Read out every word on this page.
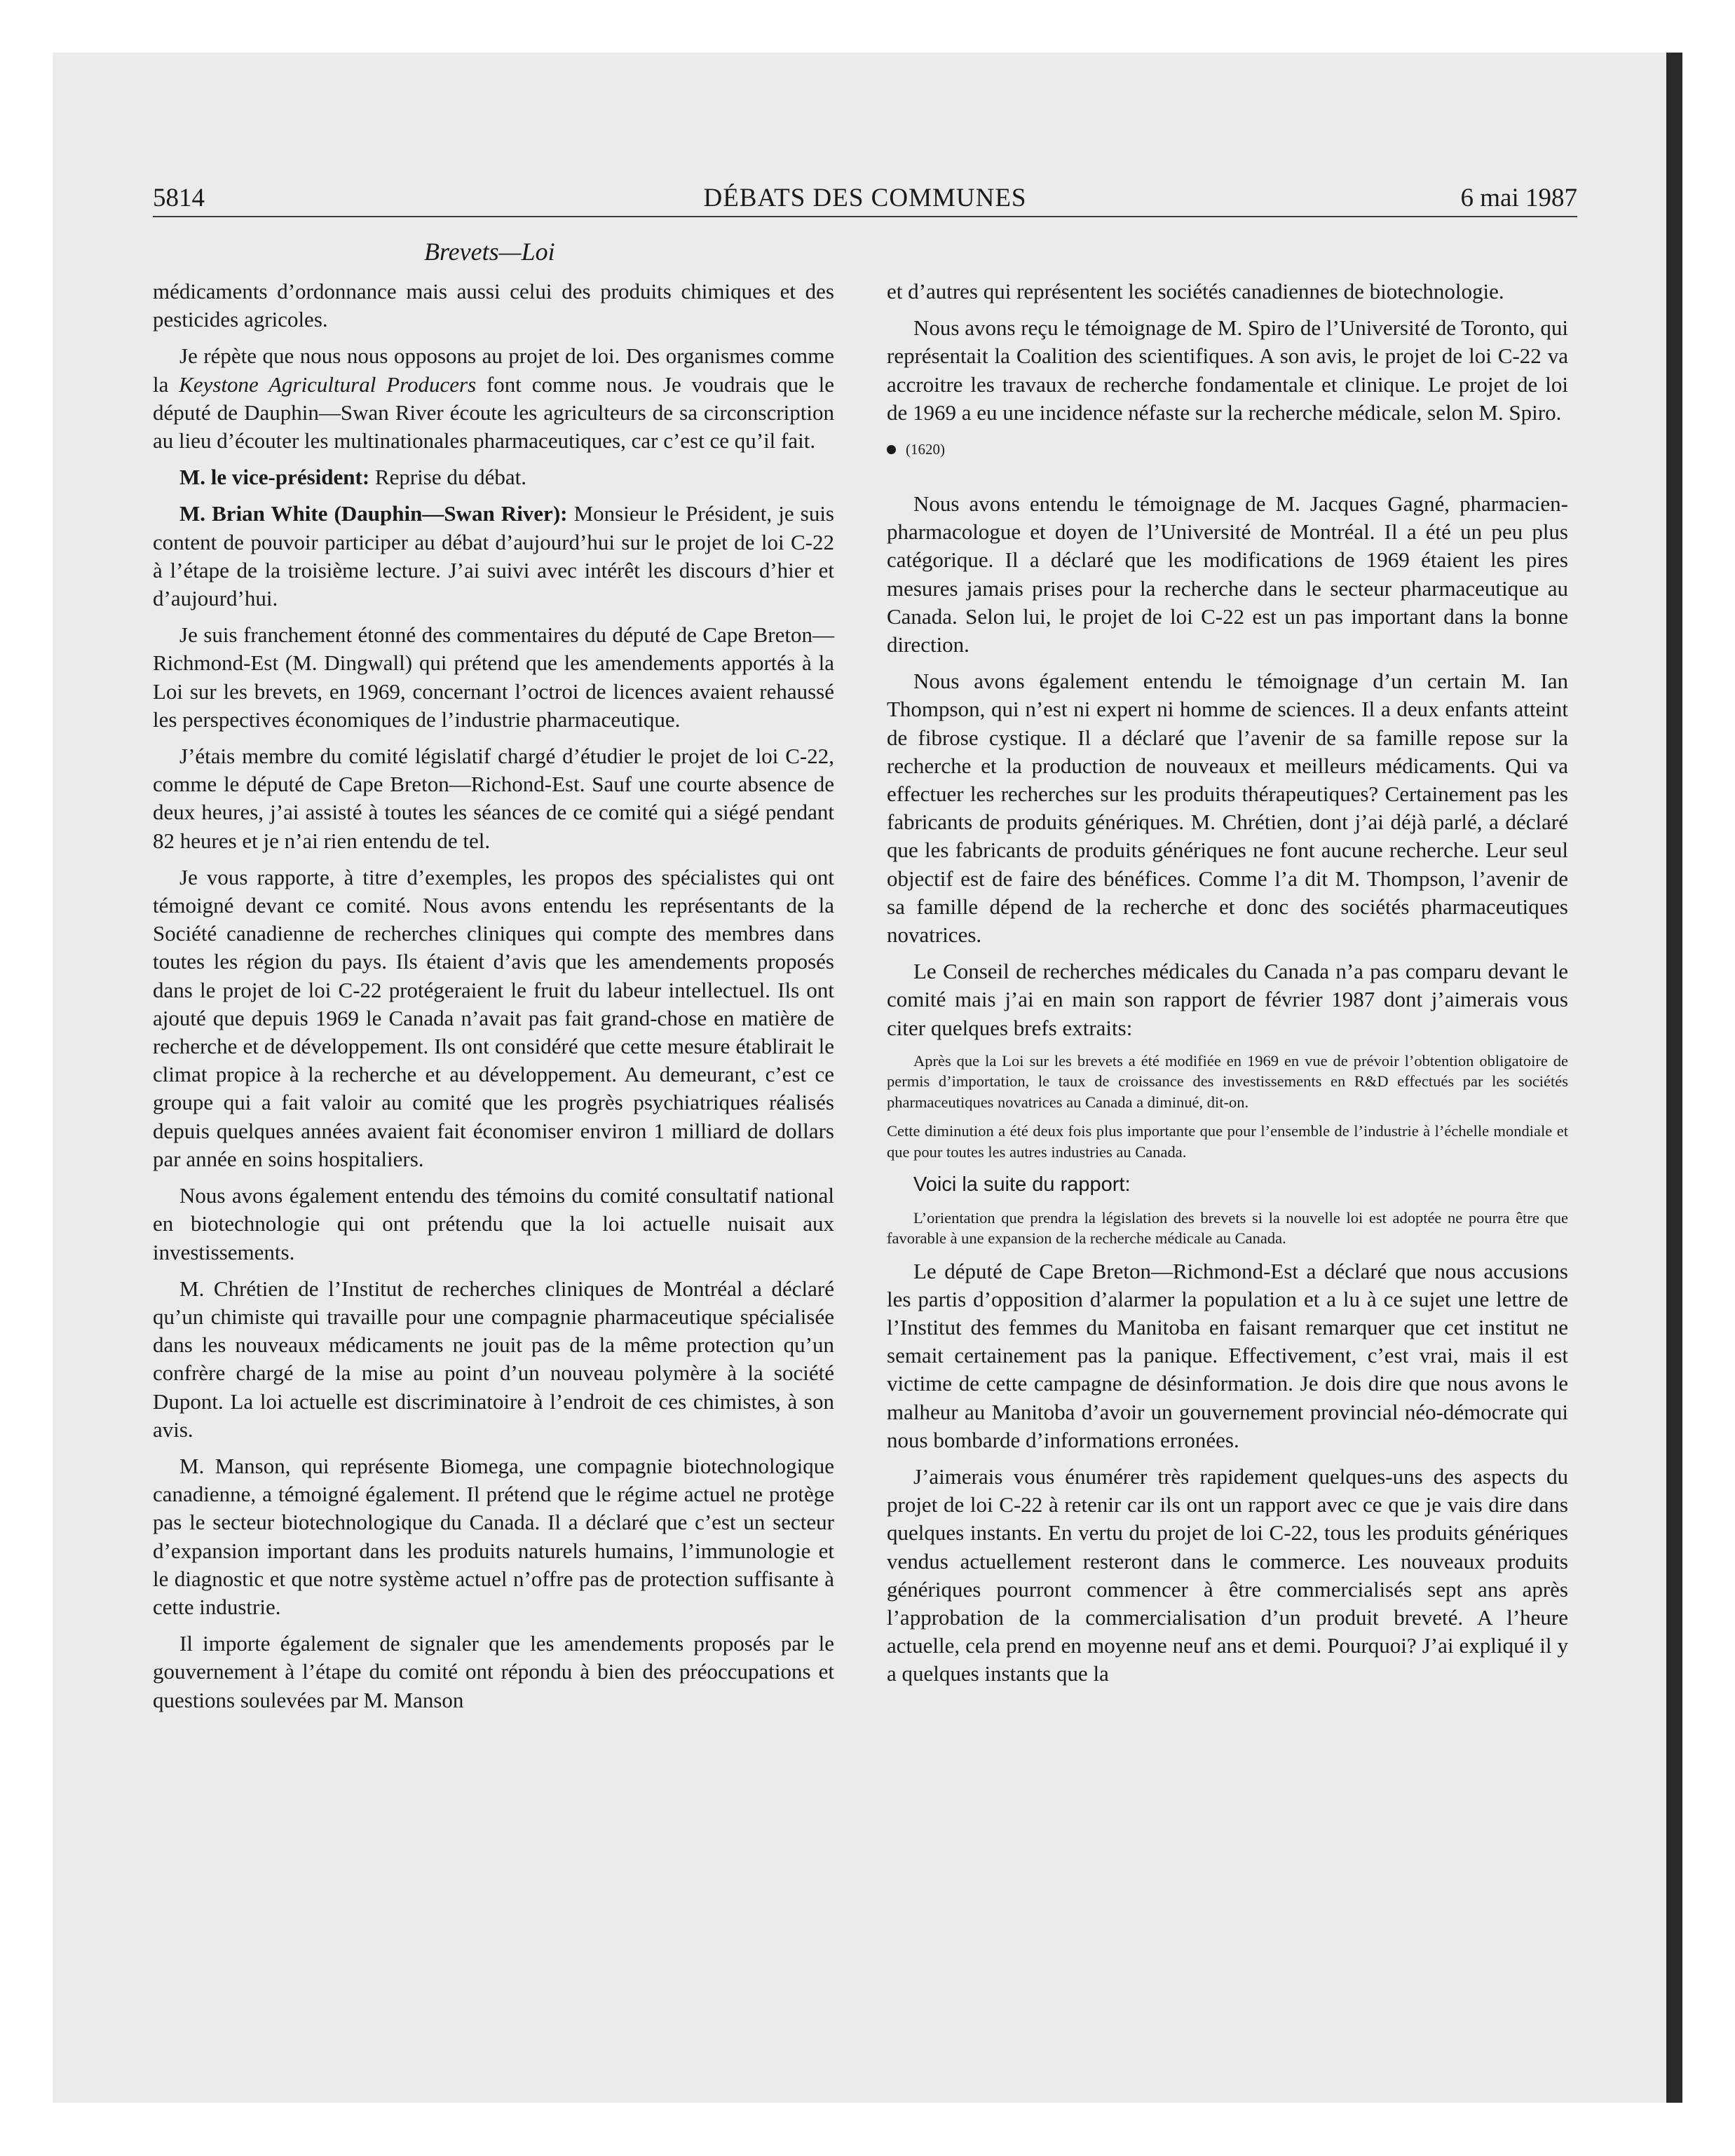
5814	DÉBATS DES COMMUNES	6 mai 1987
Brevets—Loi

médicaments d’ordonnance mais aussi celui des produits chimiques et des pesticides agricoles.

Je répète que nous nous opposons au projet de loi. Des organismes comme la Keystone Agricultural Producers font comme nous. Je voudrais que le député de Dauphin—Swan River écoute les agriculteurs de sa circonscription au lieu d’écouter les multinationales pharmaceutiques, car c’est ce qu’il fait.

M. le vice-président: Reprise du débat.

M. Brian White (Dauphin—Swan River): Monsieur le Président, je suis content de pouvoir participer au débat d’aujourd’hui sur le projet de loi C-22 à l’étape de la troisième lecture. J’ai suivi avec intérêt les discours d’hier et d’aujourd’hui.

Je suis franchement étonné des commentaires du député de Cape Breton—Richmond-Est (M. Dingwall) qui prétend que les amendements apportés à la Loi sur les brevets, en 1969, concernant l’octroi de licences avaient rehaussé les perspectives économiques de l’industrie pharmaceutique.

J’étais membre du comité législatif chargé d’étudier le projet de loi C-22, comme le député de Cape Breton—Richond-Est. Sauf une courte absence de deux heures, j’ai assisté à toutes les séances de ce comité qui a siégé pendant 82 heures et je n’ai rien entendu de tel.

Je vous rapporte, à titre d’exemples, les propos des spécialistes qui ont témoigné devant ce comité. Nous avons entendu les représentants de la Société canadienne de recherches cliniques qui compte des membres dans toutes les région du pays. Ils étaient d’avis que les amendements proposés dans le projet de loi C-22 protégeraient le fruit du labeur intellectuel. Ils ont ajouté que depuis 1969 le Canada n’avait pas fait grand-chose en matière de recherche et de développement. Ils ont considéré que cette mesure établirait le climat propice à la recherche et au développement. Au demeurant, c’est ce groupe qui a fait valoir au comité que les progrès psychiatriques réalisés depuis quelques années avaient fait économiser environ 1 milliard de dollars par année en soins hospitaliers.

Nous avons également entendu des témoins du comité consultatif national en biotechnologie qui ont prétendu que la loi actuelle nuisait aux investissements.

M. Chrétien de l’Institut de recherches cliniques de Montréal a déclaré qu’un chimiste qui travaille pour une compagnie pharmaceutique spécialisée dans les nouveaux médicaments ne jouit pas de la même protection qu’un confrère chargé de la mise au point d’un nouveau polymère à la société Dupont. La loi actuelle est discriminatoire à l’endroit de ces chimistes, à son avis.

M. Manson, qui représente Biomega, une compagnie biotechnologique canadienne, a témoigné également. Il prétend que le régime actuel ne protège pas le secteur biotechnologique du Canada. Il a déclaré que c’est un secteur d’expansion important dans les produits naturels humains, l’immunologie et le diagnostic et que notre système actuel n’offre pas de protection suffisante à cette industrie.

Il importe également de signaler que les amendements proposés par le gouvernement à l’étape du comité ont répondu à bien des préoccupations et questions soulevées par M. Manson

et d’autres qui représentent les sociétés canadiennes de biotechnologie.

Nous avons reçu le témoignage de M. Spiro de l’Université de Toronto, qui représentait la Coalition des scientifiques. A son avis, le projet de loi C-22 va accroitre les travaux de recherche fondamentale et clinique. Le projet de loi de 1969 a eu une incidence néfaste sur la recherche médicale, selon M. Spiro.

(1620)

Nous avons entendu le témoignage de M. Jacques Gagné, pharmacien-pharmacologue et doyen de l’Université de Montréal. Il a été un peu plus catégorique. Il a déclaré que les modifications de 1969 étaient les pires mesures jamais prises pour la recherche dans le secteur pharmaceutique au Canada. Selon lui, le projet de loi C-22 est un pas important dans la bonne direction.

Nous avons également entendu le témoignage d’un certain M. Ian Thompson, qui n’est ni expert ni homme de sciences. Il a deux enfants atteint de fibrose cystique. Il a déclaré que l’avenir de sa famille repose sur la recherche et la production de nouveaux et meilleurs médicaments. Qui va effectuer les recherches sur les produits thérapeutiques? Certainement pas les fabricants de produits génériques. M. Chrétien, dont j’ai déjà parlé, a déclaré que les fabricants de produits génériques ne font aucune recherche. Leur seul objectif est de faire des bénéfices. Comme l’a dit M. Thompson, l’avenir de sa famille dépend de la recherche et donc des sociétés pharmaceutiques novatrices.

Le Conseil de recherches médicales du Canada n’a pas comparu devant le comité mais j’ai en main son rapport de février 1987 dont j’aimerais vous citer quelques brefs extraits:

Après que la Loi sur les brevets a été modifiée en 1969 en vue de prévoir l’obtention obligatoire de permis d’importation, le taux de croissance des investissements en R&D effectués par les sociétés pharmaceutiques novatrices au Canada a diminué, dit-on.

Cette diminution a été deux fois plus importante que pour l’ensemble de l’industrie à l’échelle mondiale et que pour toutes les autres industries au Canada.

Voici la suite du rapport:

L’orientation que prendra la législation des brevets si la nouvelle loi est adoptée ne pourra être que favorable à une expansion de la recherche médicale au Canada.

Le député de Cape Breton—Richmond-Est a déclaré que nous accusions les partis d’opposition d’alarmer la population et a lu à ce sujet une lettre de l’Institut des femmes du Manitoba en faisant remarquer que cet institut ne semait certainement pas la panique. Effectivement, c’est vrai, mais il est victime de cette campagne de désinformation. Je dois dire que nous avons le malheur au Manitoba d’avoir un gouvernement provincial néo-démocrate qui nous bombarde d’informations erronées.

J’aimerais vous énumérer très rapidement quelques-uns des aspects du projet de loi C-22 à retenir car ils ont un rapport avec ce que je vais dire dans quelques instants. En vertu du projet de loi C-22, tous les produits génériques vendus actuellement resteront dans le commerce. Les nouveaux produits génériques pourront commencer à être commercialisés sept ans après l’approbation de la commercialisation d’un produit breveté. A l’heure actuelle, cela prend en moyenne neuf ans et demi. Pourquoi? J’ai expliqué il y a quelques instants que la
